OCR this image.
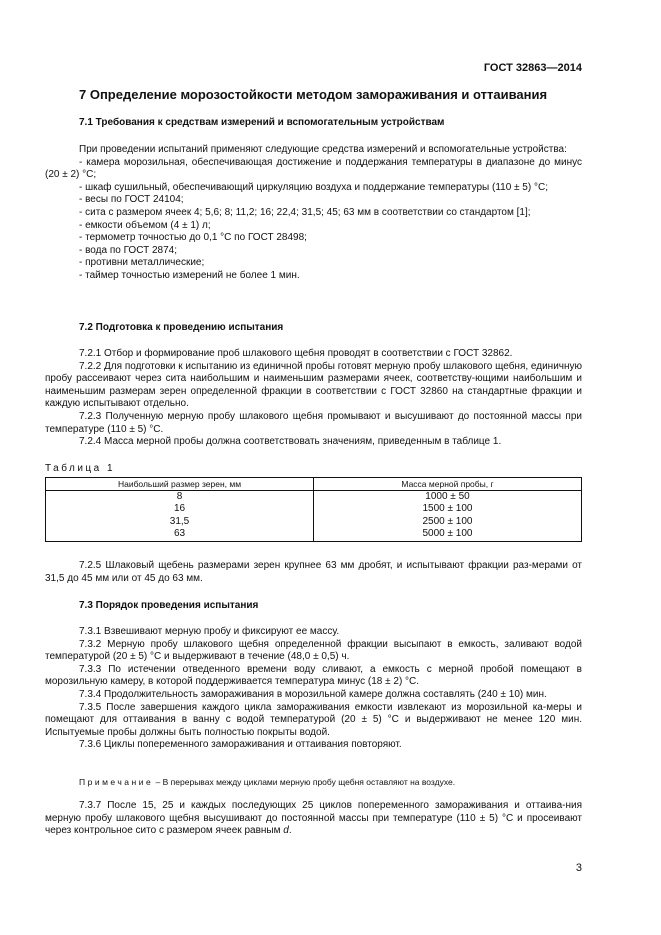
ГОСТ 32863—2014
7 Определение морозостойкости методом замораживания и оттаивания
7.1 Требования к средствам измерений и вспомогательным устройствам

При проведении испытаний применяют следующие средства измерений и вспомогательные устройства:

- камера морозильная, обеспечивающая достижение и поддержания температуры в диапазоне до минус (20 ± 2) °С;

- шкаф сушильный, обеспечивающий циркуляцию воздуха и поддержание температуры (110 ± 5) °С;

- весы по ГОСТ 24104;

- сита с размером ячеек 4; 5,6; 8; 11,2; 16; 22,4; 31,5; 45; 63 мм в соответствии со стандартом [1];

- емкости объемом (4 ± 1) л;

- термометр точностью до 0,1 °С по ГОСТ 28498;

- вода по ГОСТ 2874;

- противни металлические;

- таймер точностью измерений не более 1 мин.

7.2 Подготовка к проведению испытания

7.2.1 Отбор и формирование проб шлакового щебня проводят в соответствии с ГОСТ 32862.

7.2.2 Для подготовки к испытанию из единичной пробы готовят мерную пробу шлакового щебня, единичную пробу рассеивают через сита наибольшим и наименьшим размерами ячеек, соответству-ющими наибольшим и наименьшим размерам зерен определенной фракции в соответствии с ГОСТ 32860 на стандартные фракции и каждую испытывают отдельно.

7.2.3 Полученную мерную пробу шлакового щебня промывают и высушивают до постоянной массы при температуре (110 ± 5) °С.

7.2.4 Масса мерной пробы должна соответствовать значениям, приведенным в таблице 1.

Таблица 1
Наибольший размер зерен, мм	Масса мерной пробы, г
8	1000 ± 50
16	1500 ± 100
31,5	2500 ± 100
63	5000 ± 100

7.2.5 Шлаковый щебень размерами зерен крупнее 63 мм дробят, и испытывают фракции раз-мерами от 31,5 до 45 мм или от 45 до 63 мм.

7.3 Порядок проведения испытания

7.3.1 Взвешивают мерную пробу и фиксируют ее массу.

7.3.2 Мерную пробу шлакового щебня определенной фракции высыпают в емкость, заливают водой температурой (20 ± 5) °С и выдерживают в течение (48,0 ± 0,5) ч.

7.3.3 По истечении отведенного времени воду сливают, а емкость с мерной пробой помещают в морозильную камеру, в которой поддерживается температура минус (18 ± 2) °С.

7.3.4 Продолжительность замораживания в морозильной камере должна составлять (240 ± 10) мин.

7.3.5 После завершения каждого цикла замораживания емкости извлекают из морозильной ка-меры и помещают для оттаивания в ванну с водой температурой (20 ± 5) °С и выдерживают не менее 120 мин. Испытуемые пробы должны быть полностью покрыты водой.

7.3.6 Циклы попеременного замораживания и оттаивания повторяют.

Примечание – В перерывах между циклами мерную пробу щебня оставляют на воздухе.

7.3.7 После 15, 25 и каждых последующих 25 циклов попеременного замораживания и оттаива-ния мерную пробу шлакового щебня высушивают до постоянной массы при температуре (110 ± 5) °С и просеивают через контрольное сито с размером ячеек равным d.

3
